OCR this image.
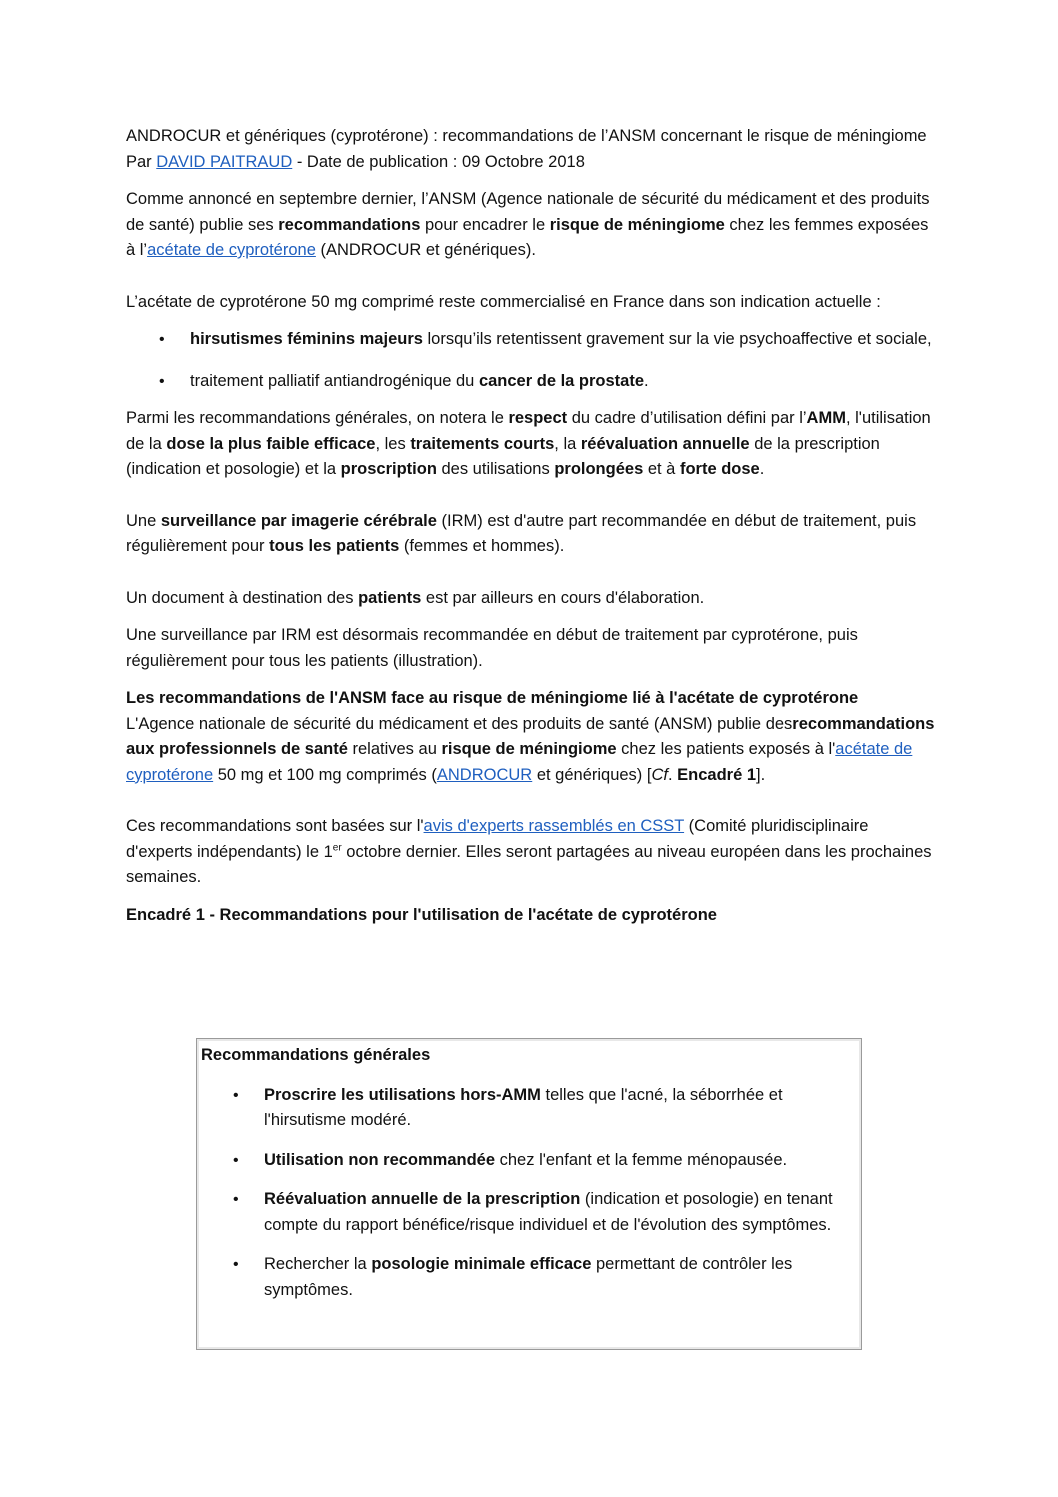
ANDROCUR et génériques (cyprotérone) : recommandations de l’ANSM concernant le risque de méningiome Par DAVID PAITRAUD - Date de publication : 09 Octobre 2018

Comme annoncé en septembre dernier, l’ANSM (Agence nationale de sécurité du médicament et des produits de santé) publie ses recommandations pour encadrer le risque de méningiome chez les femmes exposées à l’acétate de cyprotérone (ANDROCUR et génériques).

L’acétate de cyprotérone 50 mg comprimé reste commercialisé en France dans son indication actuelle :

• hirsutismes féminins majeurs lorsqu’ils retentissent gravement sur la vie psychoaffective et sociale,
• traitement palliatif antiandrogénique du cancer de la prostate.

Parmi les recommandations générales, on notera le respect du cadre d’utilisation défini par l’AMM, l'utilisation de la dose la plus faible efficace, les traitements courts, la réévaluation annuelle de la prescription (indication et posologie) et la proscription des utilisations prolongées et à forte dose.

Une surveillance par imagerie cérébrale (IRM) est d'autre part recommandée en début de traitement, puis régulièrement pour tous les patients (femmes et hommes).

Un document à destination des patients est par ailleurs en cours d'élaboration.

Une surveillance par IRM est désormais recommandée en début de traitement par cyprotérone, puis régulièrement pour tous les patients (illustration).

Les recommandations de l'ANSM face au risque de méningiome lié à l'acétate de cyprotérone
L'Agence nationale de sécurité du médicament et des produits de santé (ANSM) publie desrecommandations aux professionnels de santé relatives au risque de méningiome chez les patients exposés à l'acétate de cyprotérone 50 mg et 100 mg comprimés (ANDROCUR et génériques) [Cf. Encadré 1].

Ces recommandations sont basées sur l'avis d'experts rassemblés en CSST (Comité pluridisciplinaire d'experts indépendants) le 1er octobre dernier. Elles seront partagées au niveau européen dans les prochaines semaines.

Encadré 1 - Recommandations pour l'utilisation de l'acétate de cyprotérone

Recommandations générales

• Proscrire les utilisations hors-AMM telles que l'acné, la séborrhée et l'hirsutisme modéré.
• Utilisation non recommandée chez l'enfant et la femme ménopausée.
• Réévaluation annuelle de la prescription (indication et posologie) en tenant compte du rapport bénéfice/risque individuel et de l'évolution des symptômes.
• Rechercher la posologie minimale efficace permettant de contrôler les symptômes.
